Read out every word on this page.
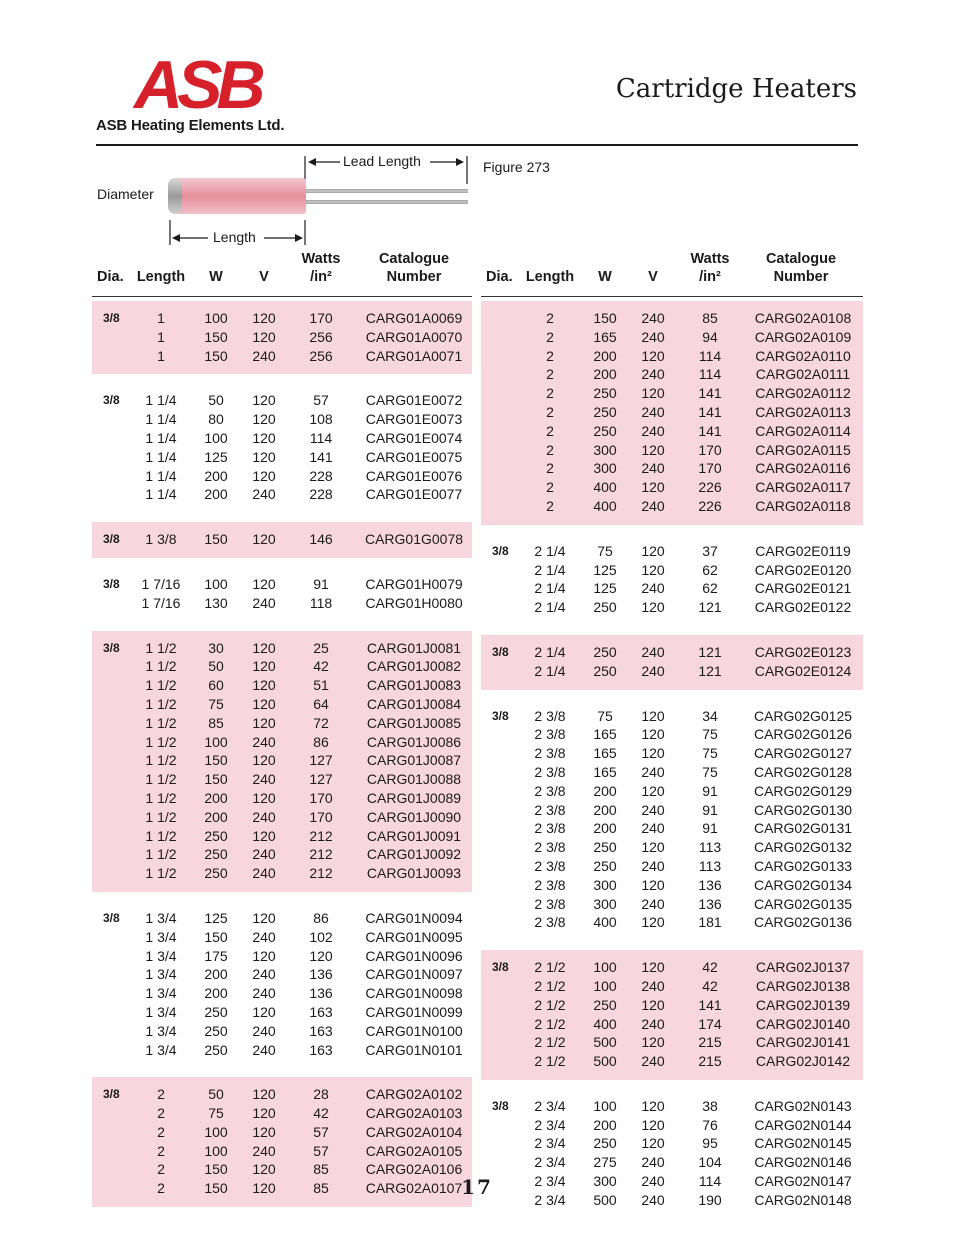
ASB
ASB Heating Elements Ltd.
Cartridge Heaters
Diameter
Lead Length
Length
Figure 273
Dia. Length	W	V
Watts
/in²
Catalogue
Number
3/8	1	100	120	170	CARG01A0069
1	150	120	256	CARG01A0070
1	150	240	256	CARG01A0071
3/8	1 1/4	50	120	57	CARG01E0072
1 1/4	80	120	108	CARG01E0073
1 1/4	100	120	114	CARG01E0074
1 1/4	125	120	141	CARG01E0075
1 1/4	200	120	228	CARG01E0076
1 1/4	200	240	228	CARG01E0077
3/8	1 3/8	150	120	146	CARG01G0078
3/8	1 7/16	100	120	91	CARG01H0079
1 7/16	130	240	118	CARG01H0080
3/8	1 1/2	30	120	25	CARG01J0081
1 1/2	50	120	42	CARG01J0082
1 1/2	60	120	51	CARG01J0083
1 1/2	75	120	64	CARG01J0084
1 1/2	85	120	72	CARG01J0085
1 1/2	100	240	86	CARG01J0086
1 1/2	150	120	127	CARG01J0087
1 1/2	150	240	127	CARG01J0088
1 1/2	200	120	170	CARG01J0089
1 1/2	200	240	170	CARG01J0090
1 1/2	250	120	212	CARG01J0091
1 1/2	250	240	212	CARG01J0092
1 1/2	250	240	212	CARG01J0093
3/8	1 3/4	125	120	86	CARG01N0094
1 3/4	150	240	102	CARG01N0095
1 3/4	175	120	120	CARG01N0096
1 3/4	200	240	136	CARG01N0097
1 3/4	200	240	136	CARG01N0098
1 3/4	250	120	163	CARG01N0099
1 3/4	250	240	163	CARG01N0100
1 3/4	250	240	163	CARG01N0101
3/8	2	50	120	28	CARG02A0102
2	75	120	42	CARG02A0103
2	100	120	57	CARG02A0104
2	100	240	57	CARG02A0105
2	150	120	85	CARG02A0106
2	150	120	85	CARG02A0107
Dia. Length	W	V
Watts
/in²
Catalogue
Number
2	150	240	85	CARG02A0108
2	165	240	94	CARG02A0109
2	200	120	114	CARG02A0110
2	200	240	114	CARG02A0111
2	250	120	141	CARG02A0112
2	250	240	141	CARG02A0113
2	250	240	141	CARG02A0114
2	300	120	170	CARG02A0115
2	300	240	170	CARG02A0116
2	400	120	226	CARG02A0117
2	400	240	226	CARG02A0118
3/8	2 1/4	75	120	37	CARG02E0119
2 1/4	125	120	62	CARG02E0120
2 1/4	125	240	62	CARG02E0121
2 1/4	250	120	121	CARG02E0122
3/8	2 1/4	250	240	121	CARG02E0123
2 1/4	250	240	121	CARG02E0124
3/8	2 3/8	75	120	34	CARG02G0125
2 3/8	165	120	75	CARG02G0126
2 3/8	165	120	75	CARG02G0127
2 3/8	165	240	75	CARG02G0128
2 3/8	200	120	91	CARG02G0129
2 3/8	200	240	91	CARG02G0130
2 3/8	200	240	91	CARG02G0131
2 3/8	250	120	113	CARG02G0132
2 3/8	250	240	113	CARG02G0133
2 3/8	300	120	136	CARG02G0134
2 3/8	300	240	136	CARG02G0135
2 3/8	400	120	181	CARG02G0136
3/8	2 1/2	100	120	42	CARG02J0137
2 1/2	100	240	42	CARG02J0138
2 1/2	250	120	141	CARG02J0139
2 1/2	400	240	174	CARG02J0140
2 1/2	500	120	215	CARG02J0141
2 1/2	500	240	215	CARG02J0142
3/8	2 3/4	100	120	38	CARG02N0143
2 3/4	200	120	76	CARG02N0144
2 3/4	250	120	95	CARG02N0145
2 3/4	275	240	104	CARG02N0146
2 3/4	300	240	114	CARG02N0147
2 3/4	500	240	190	CARG02N0148
17
